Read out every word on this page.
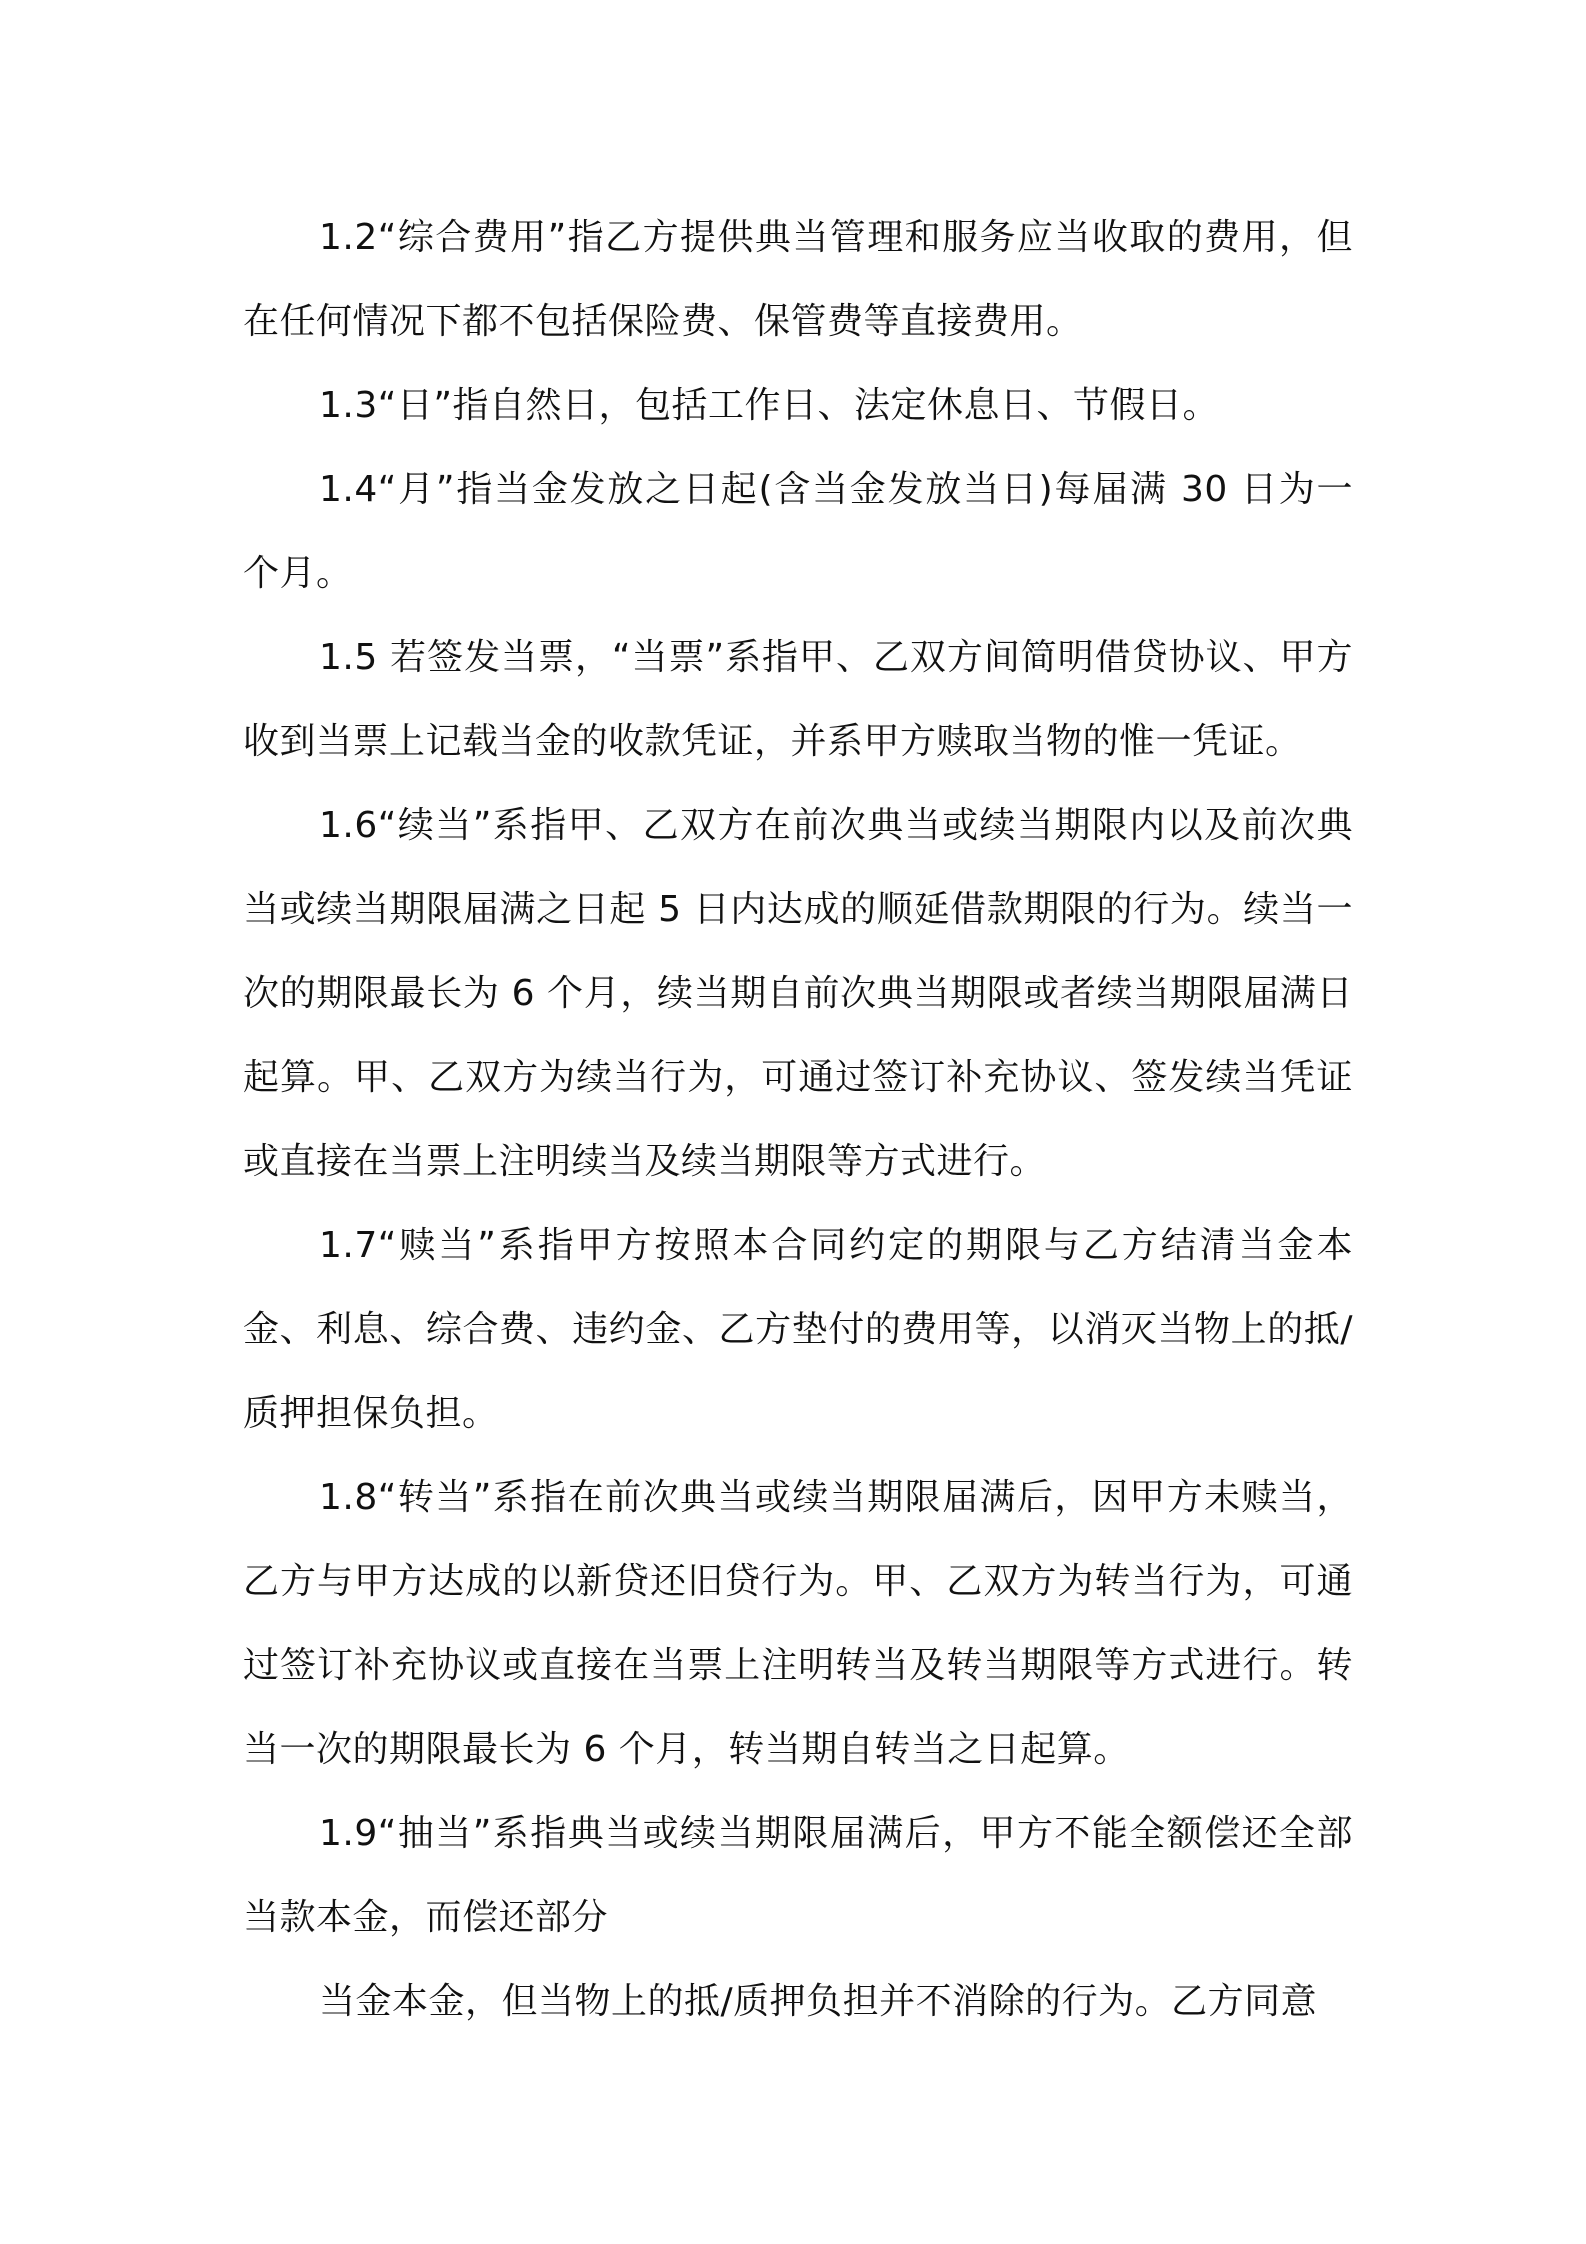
1.2“综合费用”指乙方提供典当管理和服务应当收取的费用，但在任何情况下都不包括保险费、保管费等直接费用。

1.3“日”指自然日，包括工作日、法定休息日、节假日。

1.4“月”指当金发放之日起(含当金发放当日)每届满 30 日为一个月。

1.5 若签发当票，“当票”系指甲、乙双方间简明借贷协议、甲方收到当票上记载当金的收款凭证，并系甲方赎取当物的惟一凭证。

1.6“续当”系指甲、乙双方在前次典当或续当期限内以及前次典当或续当期限届满之日起 5 日内达成的顺延借款期限的行为。续当一次的期限最长为 6 个月，续当期自前次典当期限或者续当期限届满日起算。甲、乙双方为续当行为，可通过签订补充协议、签发续当凭证或直接在当票上注明续当及续当期限等方式进行。

1.7“赎当”系指甲方按照本合同约定的期限与乙方结清当金本金、利息、综合费、违约金、乙方垫付的费用等，以消灭当物上的抵/质押担保负担。

1.8“转当”系指在前次典当或续当期限届满后，因甲方未赎当，乙方与甲方达成的以新贷还旧贷行为。甲、乙双方为转当行为，可通过签订补充协议或直接在当票上注明转当及转当期限等方式进行。转当一次的期限最长为 6 个月，转当期自转当之日起算。

1.9“抽当”系指典当或续当期限届满后，甲方不能全额偿还全部当款本金，而偿还部分

当金本金，但当物上的抵/质押负担并不消除的行为。乙方同意
